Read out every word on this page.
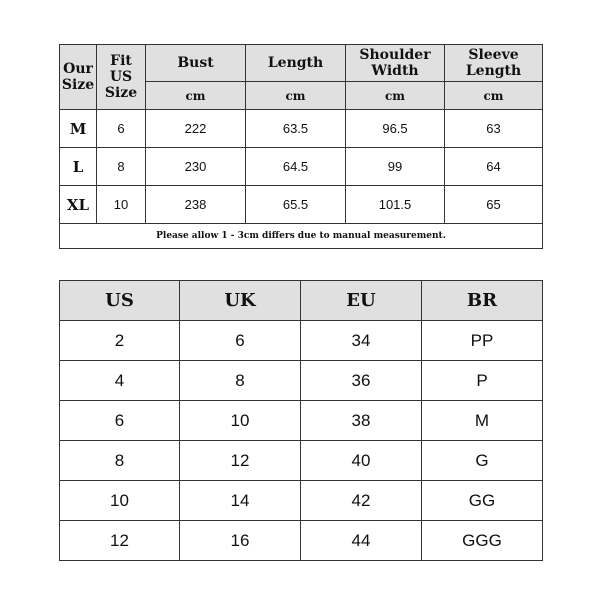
Our Size	Fit US Size	Bust	Length	Shoulder Width	Sleeve Length
		cm	cm	cm	cm
M	6	222	63.5	96.5	63
L	8	230	64.5	99	64
XL	10	238	65.5	101.5	65
Please allow 1 - 3cm differs due to manual measurement.					
US	UK	EU	BR
2	6	34	PP
4	8	36	P
6	10	38	M
8	12	40	G
10	14	42	GG
12	16	44	GGG
